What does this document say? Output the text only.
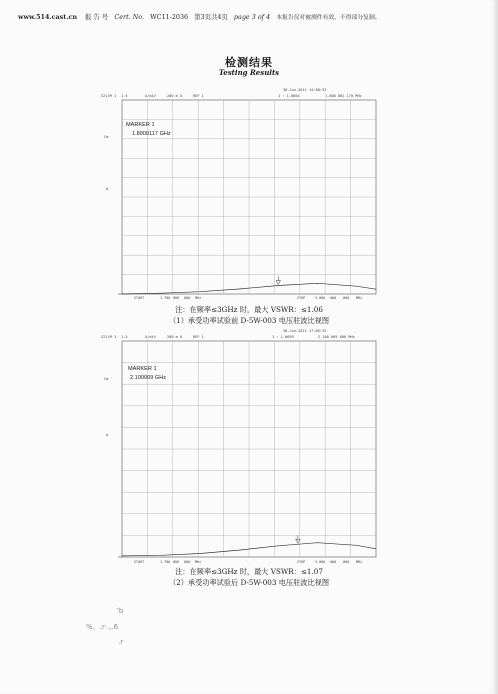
www.514.cast.cn 报 告 号 Cert. No. WC11-2036 第3页共4页 page 3 of 4 本报告仅对被测件有效，不得部分复制。
检测结果
Testing Results
30-Jun-2011 14:08:33
S21/M 1 1.5	U/diV	200 m U	REF 1	1 : 1.0604	1.800 001 170 MHz
Cm
Δ
MARKER 1
1.8000117 GHz
START	1.700 000 000 MHz	STOP	3.000 000 000 MHz
注：在频率≤3GHz 时，最大 VSWR：≤1.06
（1）承受功率试验前 D-5W-003 电压驻波比视图
30-Jun-2011 17:09:32
S21/M 1 1.5	U/diV	200 m U	REF 1	1 : 1.0699	2.100 009 000 MHz
Cm
Δ
MARKER 1
2.100009 GHz
START	1.700 000 000 MHz	STOP	3.000 000 000 MHz
注：在频率≤3GHz 时，最大 VSWR：≤1.07
（2）承受功率试验后 D-5W-003 电压驻波比视图
'b
%、.r·.,.6
.r
